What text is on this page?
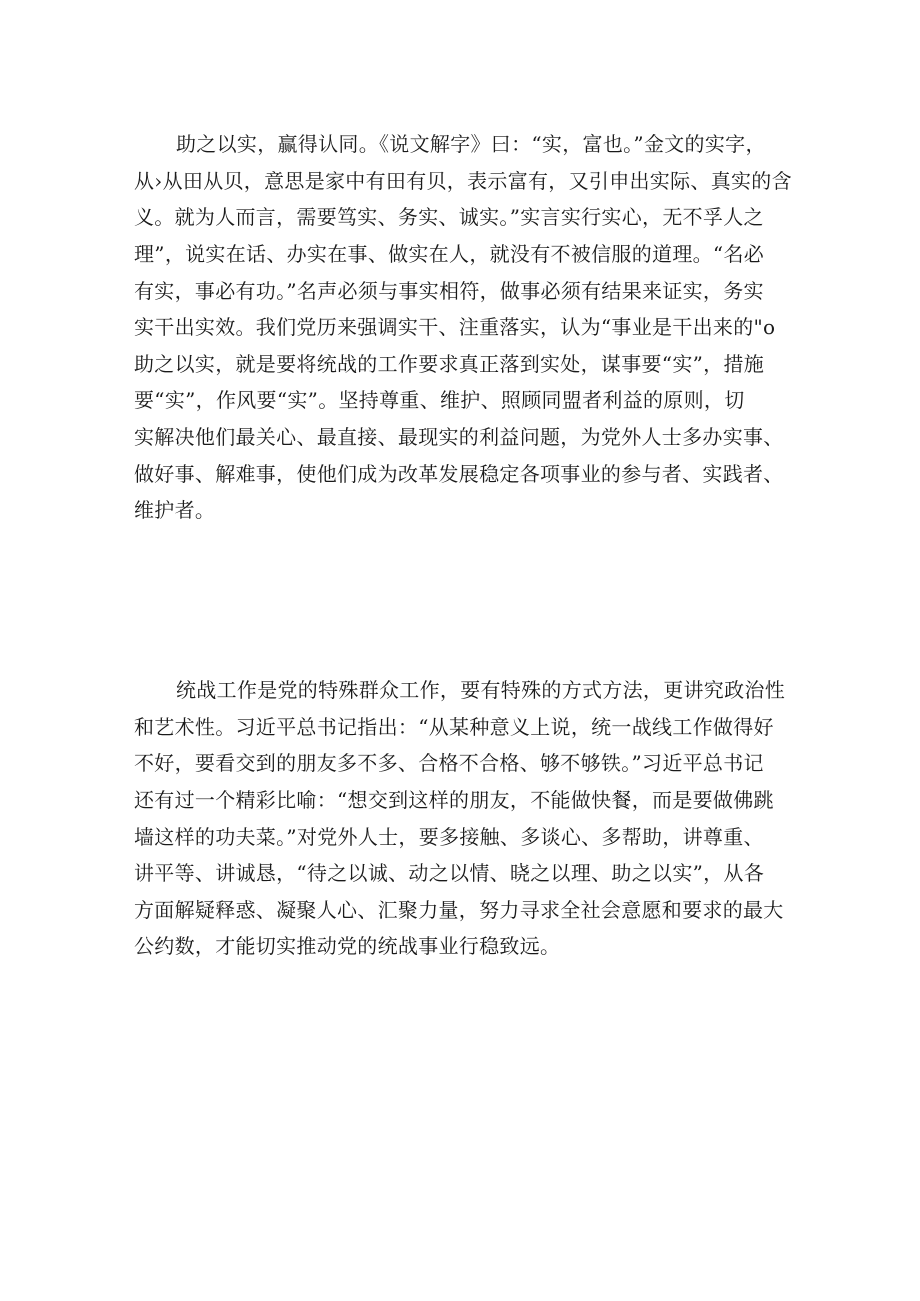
助之以实，赢得认同。《说文解字》曰：“实，富也。”金文的实字，
从›从田从贝，意思是家中有田有贝，表示富有，又引申出实际、真实的含
义。就为人而言，需要笃实、务实、诚实。”实言实行实心，无不孚人之
理”，说实在话、办实在事、做实在人，就没有不被信服的道理。“名必
有实，事必有功。”名声必须与事实相符，做事必须有结果来证实，务实
实干出实效。我们党历来强调实干、注重落实，认为“事业是干出来的"o
助之以实，就是要将统战的工作要求真正落到实处，谋事要“实”，措施
要“实”，作风要“实”。坚持尊重、维护、照顾同盟者利益的原则，切
实解决他们最关心、最直接、最现实的利益问题，为党外人士多办实事、
做好事、解难事，使他们成为改革发展稳定各项事业的参与者、实践者、
维护者。
统战工作是党的特殊群众工作，要有特殊的方式方法，更讲究政治性
和艺术性。习近平总书记指出：“从某种意义上说，统一战线工作做得好
不好，要看交到的朋友多不多、合格不合格、够不够铁。”习近平总书记
还有过一个精彩比喻：“想交到这样的朋友，不能做快餐，而是要做佛跳
墙这样的功夫菜。”对党外人士，要多接触、多谈心、多帮助，讲尊重、
讲平等、讲诚恳，“待之以诚、动之以情、晓之以理、助之以实”，从各
方面解疑释惑、凝聚人心、汇聚力量，努力寻求全社会意愿和要求的最大
公约数，才能切实推动党的统战事业行稳致远。
